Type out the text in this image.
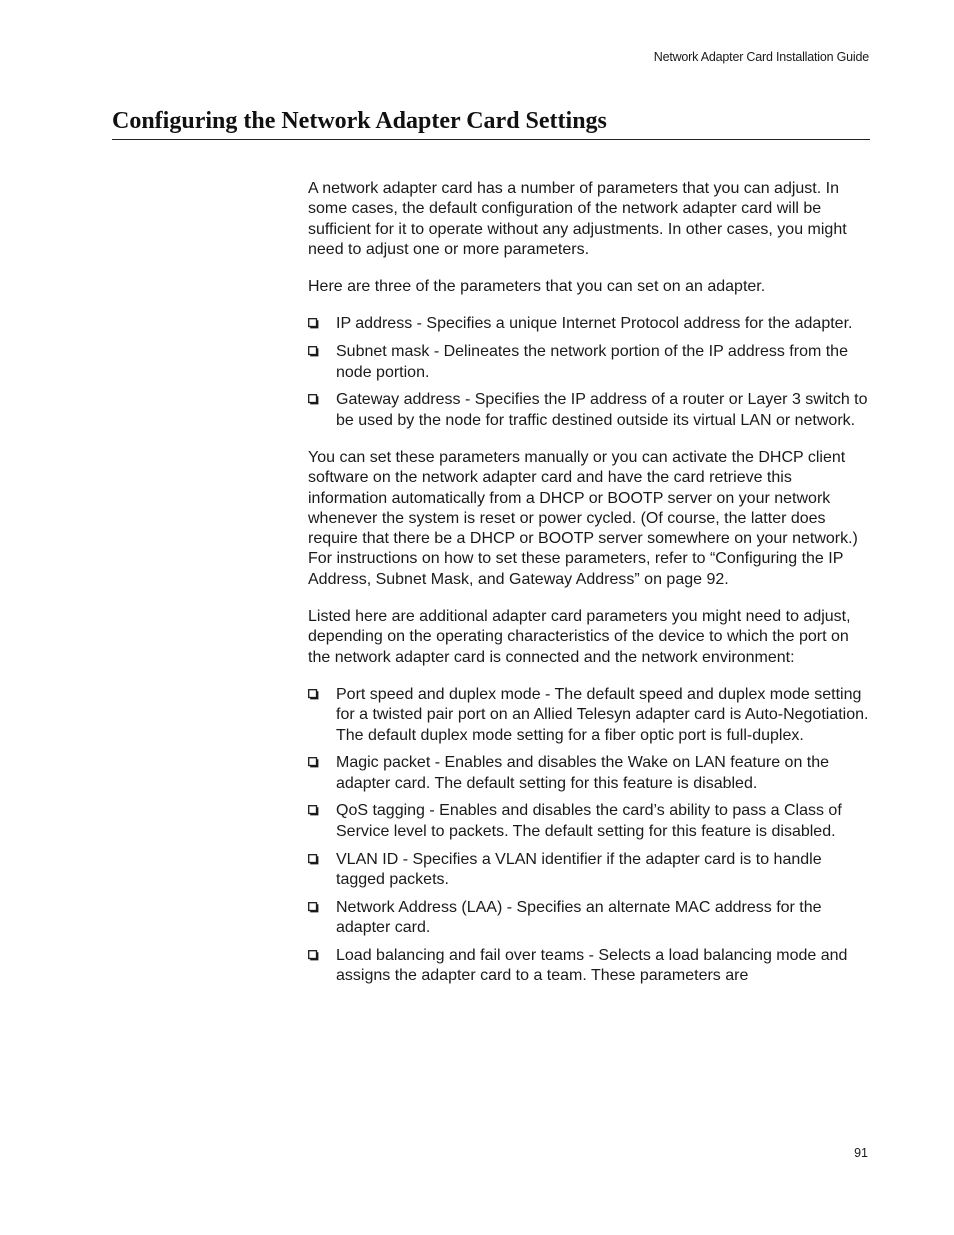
Network Adapter Card Installation Guide
Configuring the Network Adapter Card Settings

A network adapter card has a number of parameters that you can adjust. In some cases, the default configuration of the network adapter card will be sufficient for it to operate without any adjustments. In other cases, you might need to adjust one or more parameters.

Here are three of the parameters that you can set on an adapter.

IP address - Specifies a unique Internet Protocol address for the adapter.
Subnet mask - Delineates the network portion of the IP address from the node portion.
Gateway address - Specifies the IP address of a router or Layer 3 switch to be used by the node for traffic destined outside its virtual LAN or network.

You can set these parameters manually or you can activate the DHCP client software on the network adapter card and have the card retrieve this information automatically from a DHCP or BOOTP server on your network whenever the system is reset or power cycled. (Of course, the latter does require that there be a DHCP or BOOTP server somewhere on your network.) For instructions on how to set these parameters, refer to “Configuring the IP Address, Subnet Mask, and Gateway Address” on page 92.

Listed here are additional adapter card parameters you might need to adjust, depending on the operating characteristics of the device to which the port on the network adapter card is connected and the network environment:

Port speed and duplex mode - The default speed and duplex mode setting for a twisted pair port on an Allied Telesyn adapter card is Auto-Negotiation. The default duplex mode setting for a fiber optic port is full-duplex.
Magic packet - Enables and disables the Wake on LAN feature on the adapter card. The default setting for this feature is disabled.
QoS tagging - Enables and disables the card’s ability to pass a Class of Service level to packets. The default setting for this feature is disabled.
VLAN ID - Specifies a VLAN identifier if the adapter card is to handle tagged packets.
Network Address (LAA) - Specifies an alternate MAC address for the adapter card.
Load balancing and fail over teams - Selects a load balancing mode and assigns the adapter card to a team. These parameters are
91
